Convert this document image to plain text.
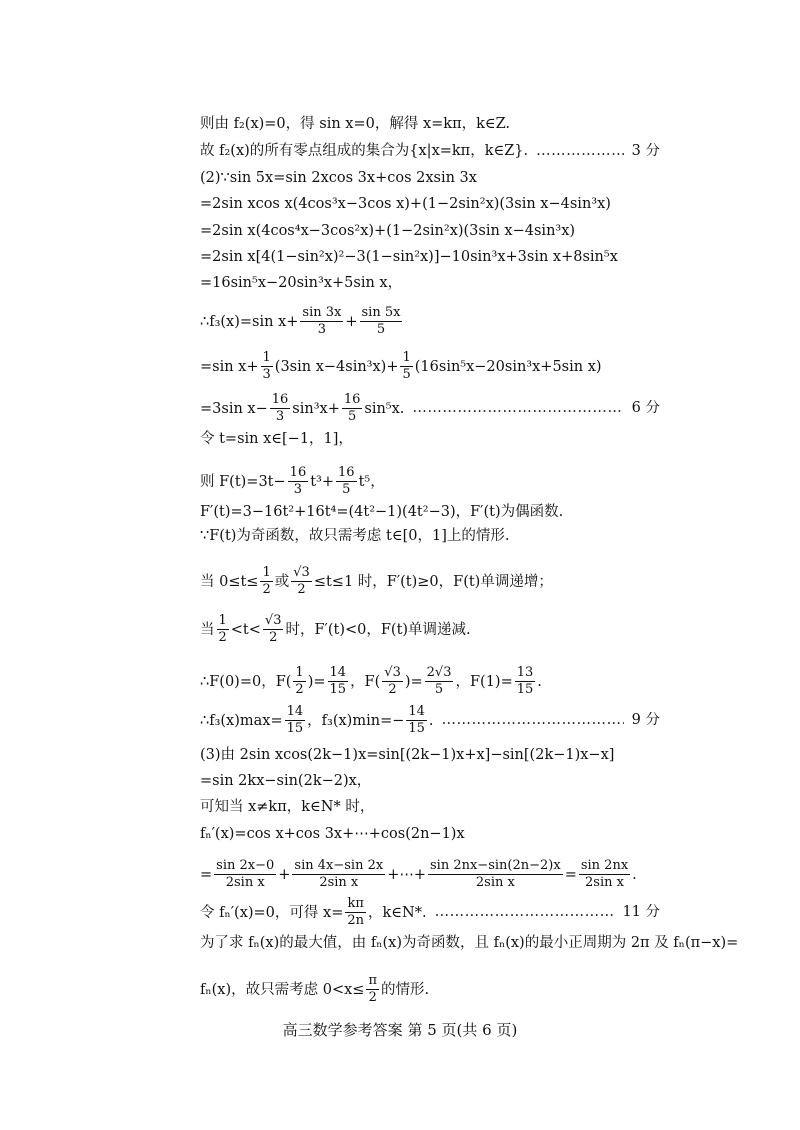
则由 f₂(x)=0，得 sin x=0，解得 x=kπ，k∈Z.
故 f₂(x)的所有零点组成的集合为{x|x=kπ，k∈Z}. …………………………………………………………………………………………………………………………………………	3 分
(2)∵sin 5x=sin 2xcos 3x+cos 2xsin 3x
=2sin xcos x(4cos³x−3cos x)+(1−2sin²x)(3sin x−4sin³x)
=2sin x(4cos⁴x−3cos²x)+(1−2sin²x)(3sin x−4sin³x)
=2sin x[4(1−sin²x)²−3(1−sin²x)]−10sin³x+3sin x+8sin⁵x
=16sin⁵x−20sin³x+5sin x，
∴f₃(x)=sin $x+ \frac{\sin 3x}{3} + \frac{\sin 5x}{5}$
=sin $x+ \frac{1}{3} (3\sin$ $x-4\sin^3x)+ \frac{1}{5} (16\sin^5x-20\sin^3x+5\sin$ x)
=3sin $x- \frac{16}{3} \sin^3x+ \frac{16}{5} \sin^5x$. …………………………………………………………………………………………………………………………………………	6 分
令 t=sin x∈[−1，1]，
则 $F(t)=3t- \frac{16}{3} t^3+ \frac{16}{5} t^5$，
F′(t)=3−16t²+16t⁴=(4t²−1)(4t²−3)，F′(t)为偶函数.
∵F(t)为奇函数，故只需考虑 t∈[0，1]上的情形.
当 $0\le t\le \frac{1}{2}$ 或 $\frac{√3}{2} \le t\le 1$ 时，F′(t)≥0，F(t)单调递增；
当 $\frac{1}{2} <t< \frac{√3}{2}$ 时，F′(t)<0，F(t)单调递减.
∴F(0)=0，$F( \frac{1}{2}$ )= $\frac{14}{15}$ ，$F( \frac{√3}{2}$ )= $\frac{2√3}{5}$ ，$F(1)= \frac{13}{15}$ .
∴f₃(x)max= $\frac{14}{15}$ ，$f_3(x)\min=- \frac{14}{15}$ . …………………………………………………………………………………………………………………………………………	9 分
(3)由 2sin xcos(2k−1)x=sin[(2k−1)x+x]−sin[(2k−1)x−x]
=sin 2kx−sin(2k−2)x，
可知当 x≠kπ，k∈N* 时，
fₙ′(x)=cos x+cos 3x+⋯+cos(2n−1)x
= $\frac{\sin 2x-0}{\text{2sin x}} + \frac{\sin 4x-\sin 2x}{\text{2sin x}}$ +⋯+ $\frac{\sin 2nx-\sin(2n-2)x}{\text{2sin x}} = \frac{\sin 2nx}{\text{2sin x}}$ .
令 fₙ′(x)=0，可得 $x= \frac{k\pi}{2n}$ ，k∈N*. …………………………………………………………………………………………………………………………………………	11 分
为了求 fₙ(x)的最大值，由 fₙ(x)为奇函数，且 fₙ(x)的最小正周期为 2π 及 fₙ(π−x)=
fₙ(x)，故只需考虑 $0<x\le \frac{\pi}{2}$ 的情形.
高三数学参考答案 第 5 页(共 6 页)
